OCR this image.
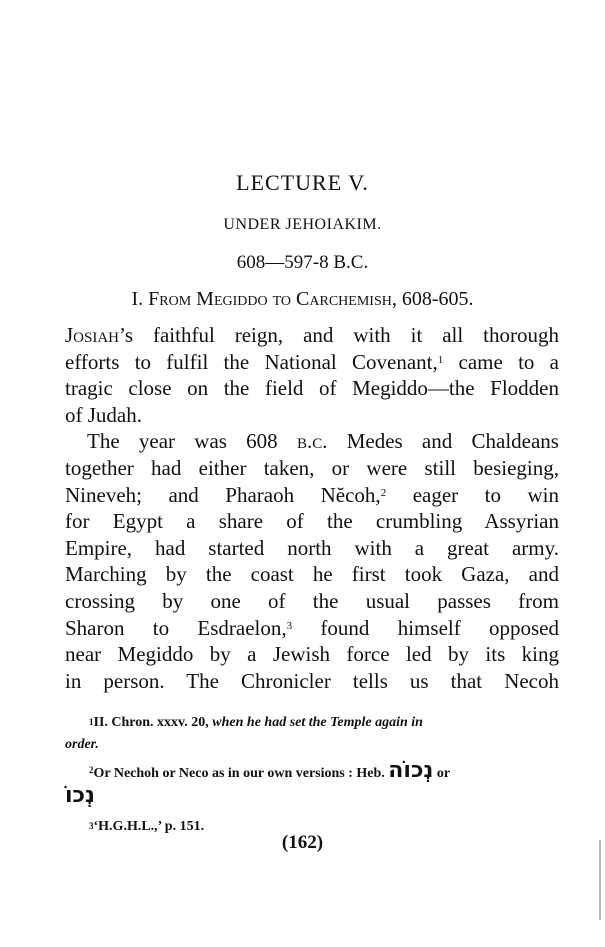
LECTURE V.
UNDER JEHOIAKIM.
608—597-8 B.C.
I. From Megiddo to Carchemish, 608-605.
Josiah’s faithful reign, and with it all thorough
efforts to fulfil the National Covenant,$^1$ came to a
tragic close on the field of Megiddo—the Flodden
of Judah.
The year was 608 b.c. Medes and Chaldeans
together had either taken, or were still besieging,
Nineveh; and Pharaoh Nĕcoh,$^2$ eager to win
for Egypt a share of the crumbling Assyrian
Empire, had started north with a great army.
Marching by the coast he first took Gaza, and
crossing by one of the usual passes from
Sharon to Esdraelon,$^3$ found himself opposed
near Megiddo by a Jewish force led by its king
in person. The Chronicler tells us that Necoh
$^1$II. Chron. xxxv. 20, when he had set the Temple again in
order.
$^2$Or Nechoh or Neco as in our own versions : Heb. נְכוֹה or
נְכוֹ
$^3$‘H.G.H.L.,’ p. 151.
(162)
